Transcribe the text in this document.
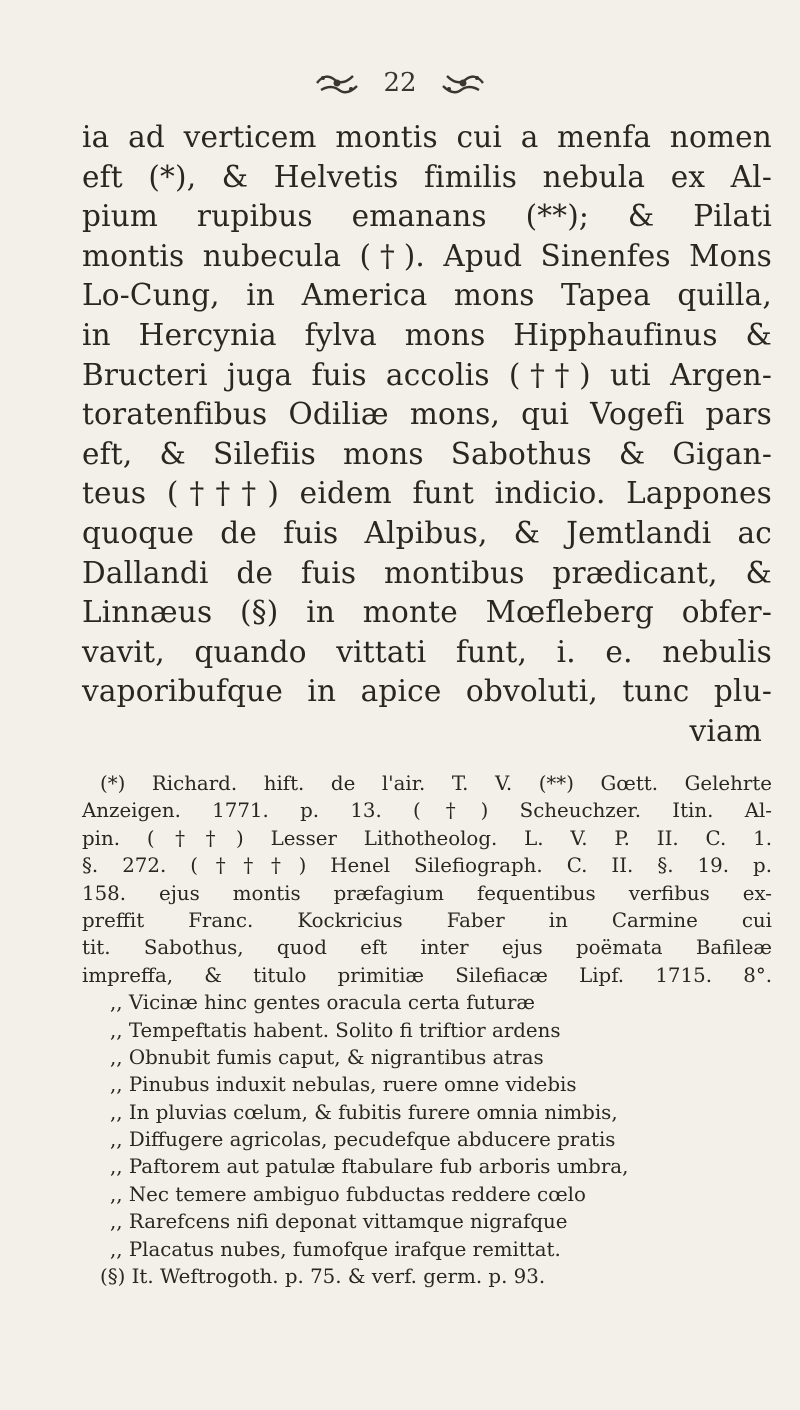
22
ia ad verticem montis cui a menfa nomen
eft (*), & Helvetis fimilis nebula ex Al-
pium rupibus emanans (**); & Pilati
montis nubecula (†). Apud Sinenfes Mons
Lo-Cung, in America mons Tapea quilla,
in Hercynia fylva mons Hipphaufinus &
Bructeri juga fuis accolis (††) uti Argen-
toratenfibus Odiliæ mons, qui Vogefi pars
eft, & Silefiis mons Sabothus & Gigan-
teus (†††) eidem funt indicio. Lappones
quoque de fuis Alpibus, & Jemtlandi ac
Dallandi de fuis montibus prædicant, &
Linnæus (§) in monte Mœfleberg obfer-
vavit, quando vittati funt, i. e. nebulis
vaporibufque in apice obvoluti, tunc plu-
viam
(*) Richard. hift. de l'air. T. V. (**) Gœtt. Gelehrte
Anzeigen. 1771. p. 13. (†) Scheuchzer. Itin. Al-
pin. (††) Lesser Lithotheolog. L. V. P. II. C. 1.
§. 272. (†††) Henel Silefiograph. C. II. §. 19. p.
158. ejus montis præfagium fequentibus verfibus ex-
preffit Franc. Kockricius Faber in Carmine cui
tit. Sabothus, quod eft inter ejus poëmata Bafileæ
impreffa, & titulo primitiæ Silefiacæ Lipf. 1715. 8°.
,, Vicinæ hinc gentes oracula certa futuræ
,, Tempeftatis habent. Solito fi triftior ardens
,, Obnubit fumis caput, & nigrantibus atras
,, Pinubus induxit nebulas, ruere omne videbis
,, In pluvias cœlum, & fubitis furere omnia nimbis,
,, Diffugere agricolas, pecudefque abducere pratis
,, Paftorem aut patulæ ftabulare fub arboris umbra,
,, Nec temere ambiguo fubductas reddere cœlo
,, Rarefcens nifi deponat vittamque nigrafque
,, Placatus nubes, fumofque irafque remittat.
(§) It. Weftrogoth. p. 75. & verf. germ. p. 93.
